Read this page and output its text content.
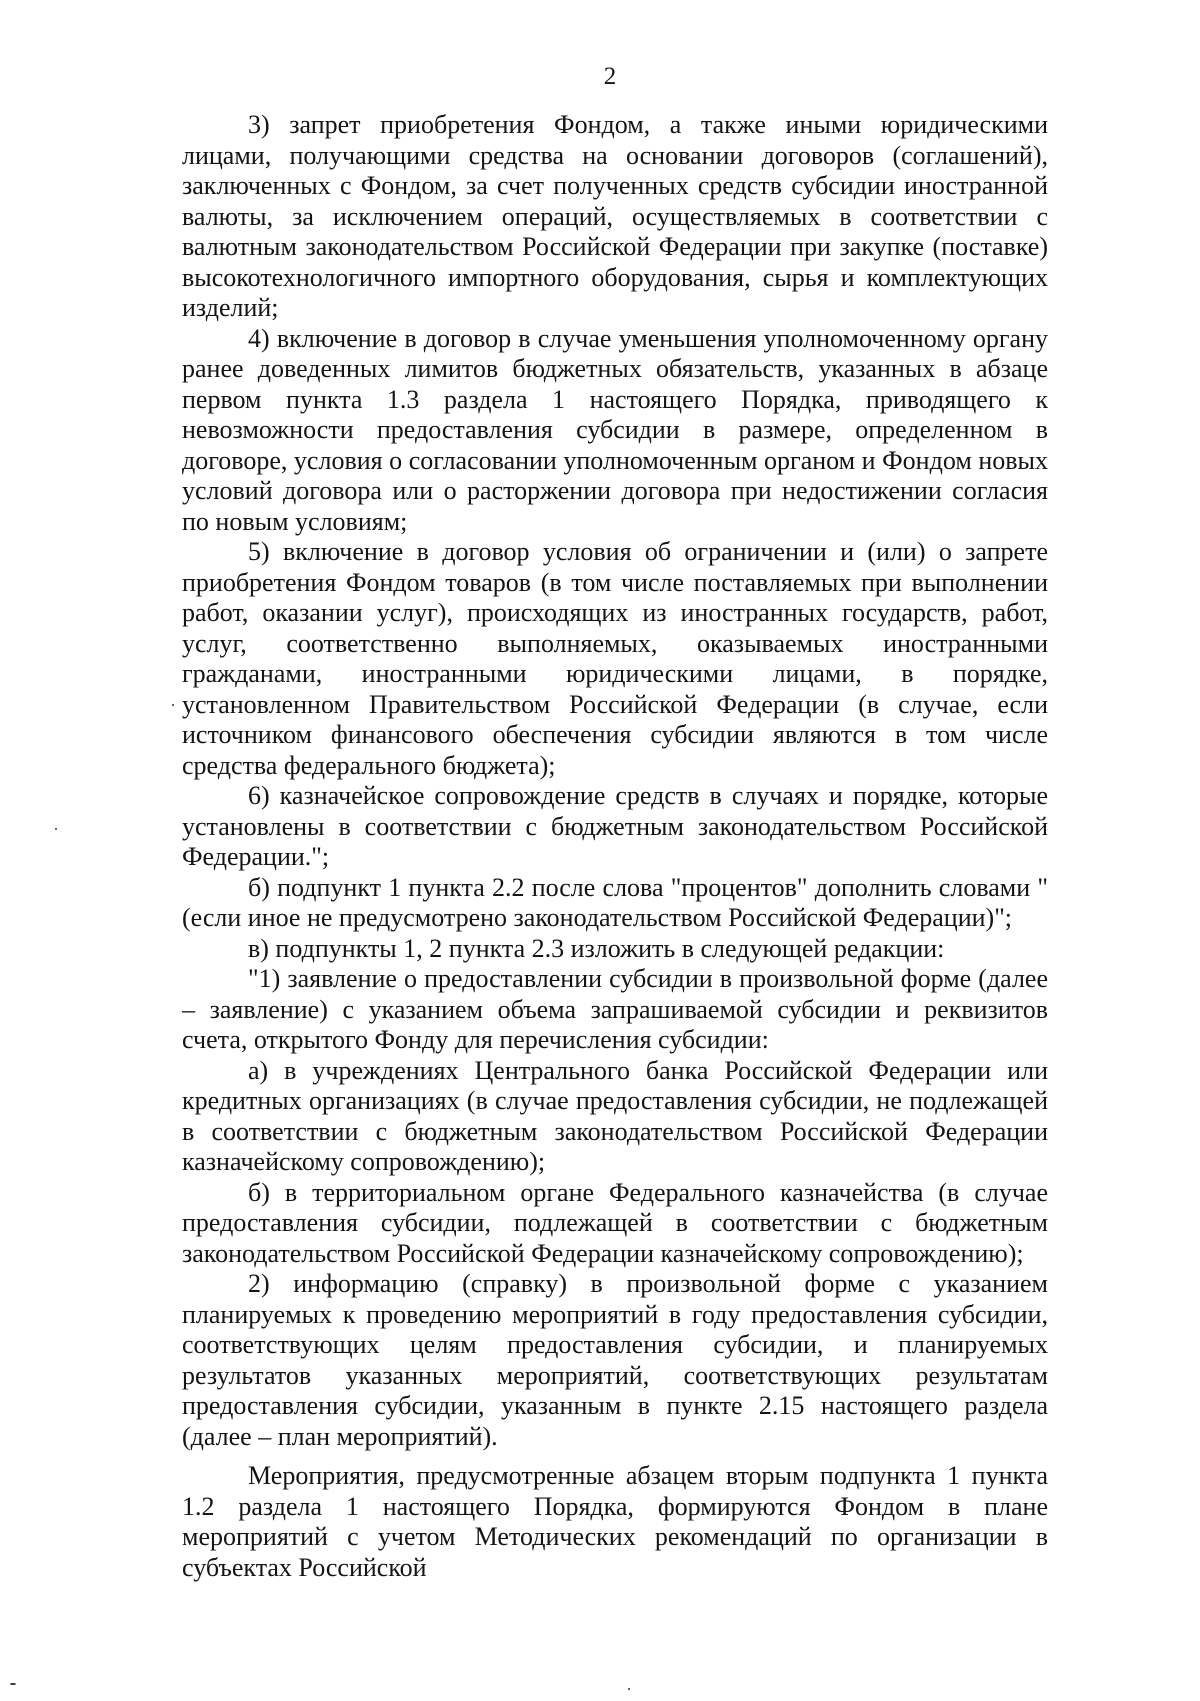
2

3) запрет приобретения Фондом, а также иными юридическими лицами, получающими средства на основании договоров (соглашений), заключенных с Фондом, за счет полученных средств субсидии иностранной валюты, за исключением операций, осуществляемых в соответствии с валютным законодательством Российской Федерации при закупке (поставке) высокотехнологичного импортного оборудования, сырья и комплектующих изделий;

4) включение в договор в случае уменьшения уполномоченному органу ранее доведенных лимитов бюджетных обязательств, указанных в абзаце первом пункта 1.3 раздела 1 настоящего Порядка, приводящего к невозможности предоставления субсидии в размере, определенном в договоре, условия о согласовании уполномоченным органом и Фондом новых условий договора или о расторжении договора при недостижении согласия по новым условиям;

5) включение в договор условия об ограничении и (или) о запрете приобретения Фондом товаров (в том числе поставляемых при выполнении работ, оказании услуг), происходящих из иностранных государств, работ, услуг, соответственно выполняемых, оказываемых иностранными гражданами, иностранными юридическими лицами, в порядке, установленном Правительством Российской Федерации (в случае, если источником финансового обеспечения субсидии являются в том числе средства федерального бюджета);

6) казначейское сопровождение средств в случаях и порядке, которые установлены в соответствии с бюджетным законодательством Российской Федерации.";

б) подпункт 1 пункта 2.2 после слова "процентов" дополнить словами "(если иное не предусмотрено законодательством Российской Федерации)";

в) подпункты 1, 2 пункта 2.3 изложить в следующей редакции:

"1) заявление о предоставлении субсидии в произвольной форме (далее – заявление) с указанием объема запрашиваемой субсидии и реквизитов счета, открытого Фонду для перечисления субсидии:

а) в учреждениях Центрального банка Российской Федерации или кредитных организациях (в случае предоставления субсидии, не подлежащей в соответствии с бюджетным законодательством Российской Федерации казначейскому сопровождению);

б) в территориальном органе Федерального казначейства (в случае предоставления субсидии, подлежащей в соответствии с бюджетным законодательством Российской Федерации казначейскому сопровождению);

2) информацию (справку) в произвольной форме с указанием планируемых к проведению мероприятий в году предоставления субсидии, соответствующих целям предоставления субсидии, и планируемых результатов указанных мероприятий, соответствующих результатам предоставления субсидии, указанным в пункте 2.15 настоящего раздела (далее – план мероприятий).

Мероприятия, предусмотренные абзацем вторым подпункта 1 пункта 1.2 раздела 1 настоящего Порядка, формируются Фондом в плане мероприятий с учетом Методических рекомендаций по организации в субъектах Российской
